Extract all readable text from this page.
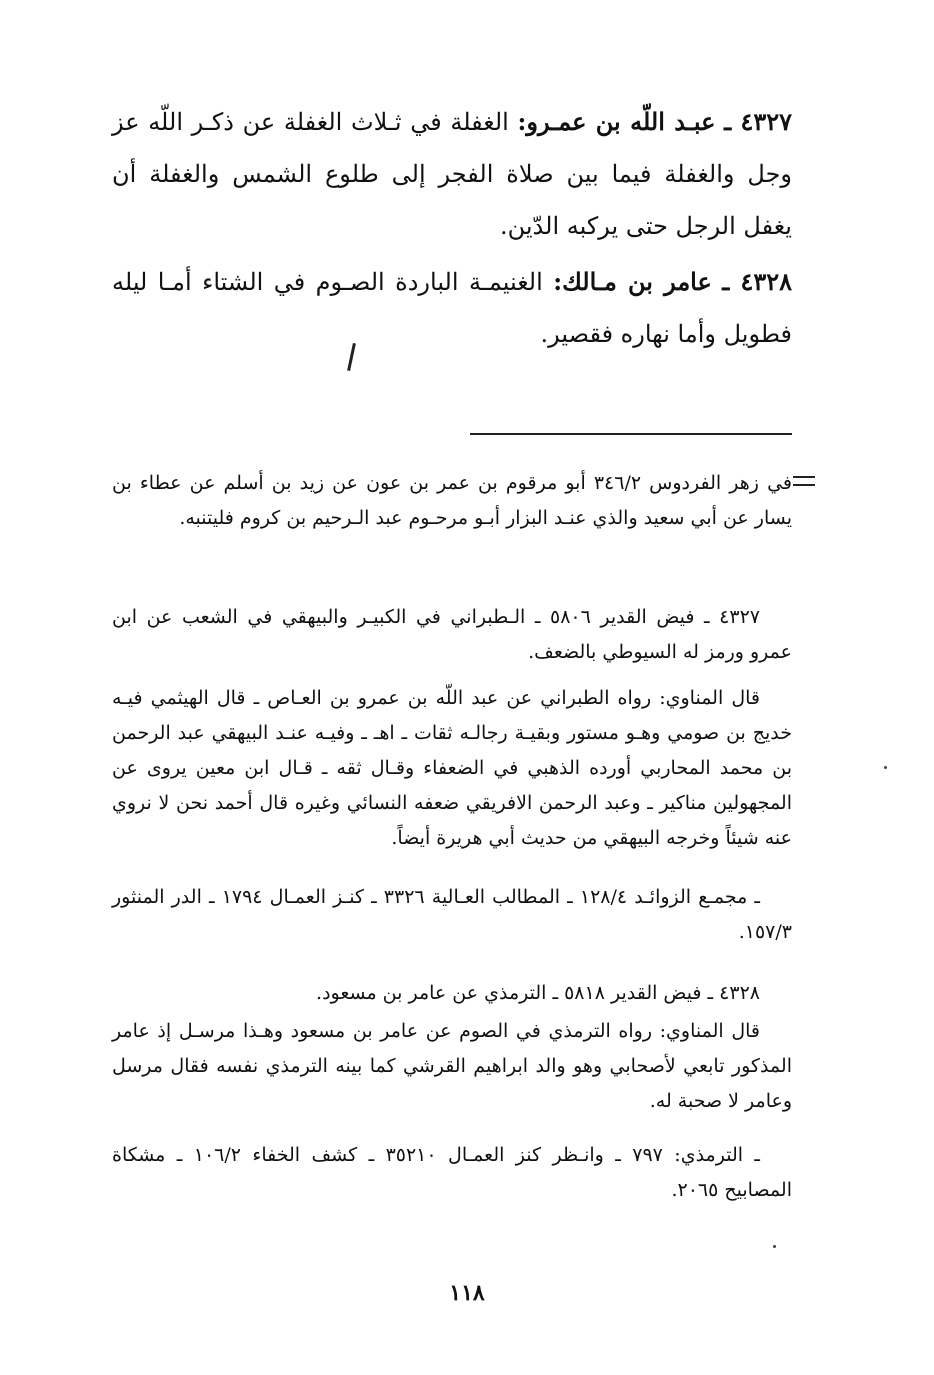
٤٣٢٧ ـ عبـد اللّه بن عمـرو: الغفلة في ثـلاث الغفلة عن ذكـر اللّه عز وجل والغفلة فيما بين صلاة الفجر إلى طلوع الشمس والغفلة أن يغفل الرجل حتى يركبه الدّين.

٤٣٢٨ ـ عامر بن مـالك: الغنيمـة الباردة الصـوم في الشتاء أمـا ليله فطويل وأما نهاره فقصير.

في زهر الفردوس ٣٤٦/٢ أبو مرقوم بن عمر بن عون عن زيد بن أسلم عن عطاء بن يسار عن أبي سعيد والذي عنـد البزار أبـو مرحـوم عبد الـرحيم بن كروم فليتنبه.

٤٣٢٧ ـ فيض القدير ٥٨٠٦ ـ الـطبراني في الكبيـر والبيهقي في الشعب عن ابن عمرو ورمز له السيوطي بالضعف.

قال المناوي: رواه الطبراني عن عبد اللّه بن عمرو بن العـاص ـ قال الهيثمي فيـه خديج بن صومي وهـو مستور وبقيـة رجالـه ثقات ـ اهـ ـ وفيـه عنـد البيهقي عبد الرحمن بن محمد المحاربي أورده الذهبي في الضعفاء وقـال ثقه ـ قـال ابن معين يروى عن المجهولين مناكير ـ وعبد الرحمن الافريقي ضعفه النسائي وغيره قال أحمد نحن لا نروي عنه شيئاً وخرجه البيهقي من حديث أبي هريرة أيضاً.

ـ مجمـع الزوائـد ١٢٨/٤ ـ المطالب العـالية ٣٣٢٦ ـ كنـز العمـال ١٧٩٤ ـ الدر المنثور ١٥٧/٣.

٤٣٢٨ ـ فيض القدير ٥٨١٨ ـ الترمذي عن عامر بن مسعود.

قال المناوي: رواه الترمذي في الصوم عن عامر بن مسعود وهـذا مرسـل إذ عامر المذكور تابعي لأصحابي وهو والد ابراهيم القرشي كما بينه الترمذي نفسه فقال مرسل وعامر لا صحبة له.

ـ الترمذي: ٧٩٧ ـ وانـظر كنز العمـال ٣٥٢١٠ ـ كشف الخفاء ١٠٦/٢ ـ مشكاة المصابيح ٢٠٦٥.

١١٨
